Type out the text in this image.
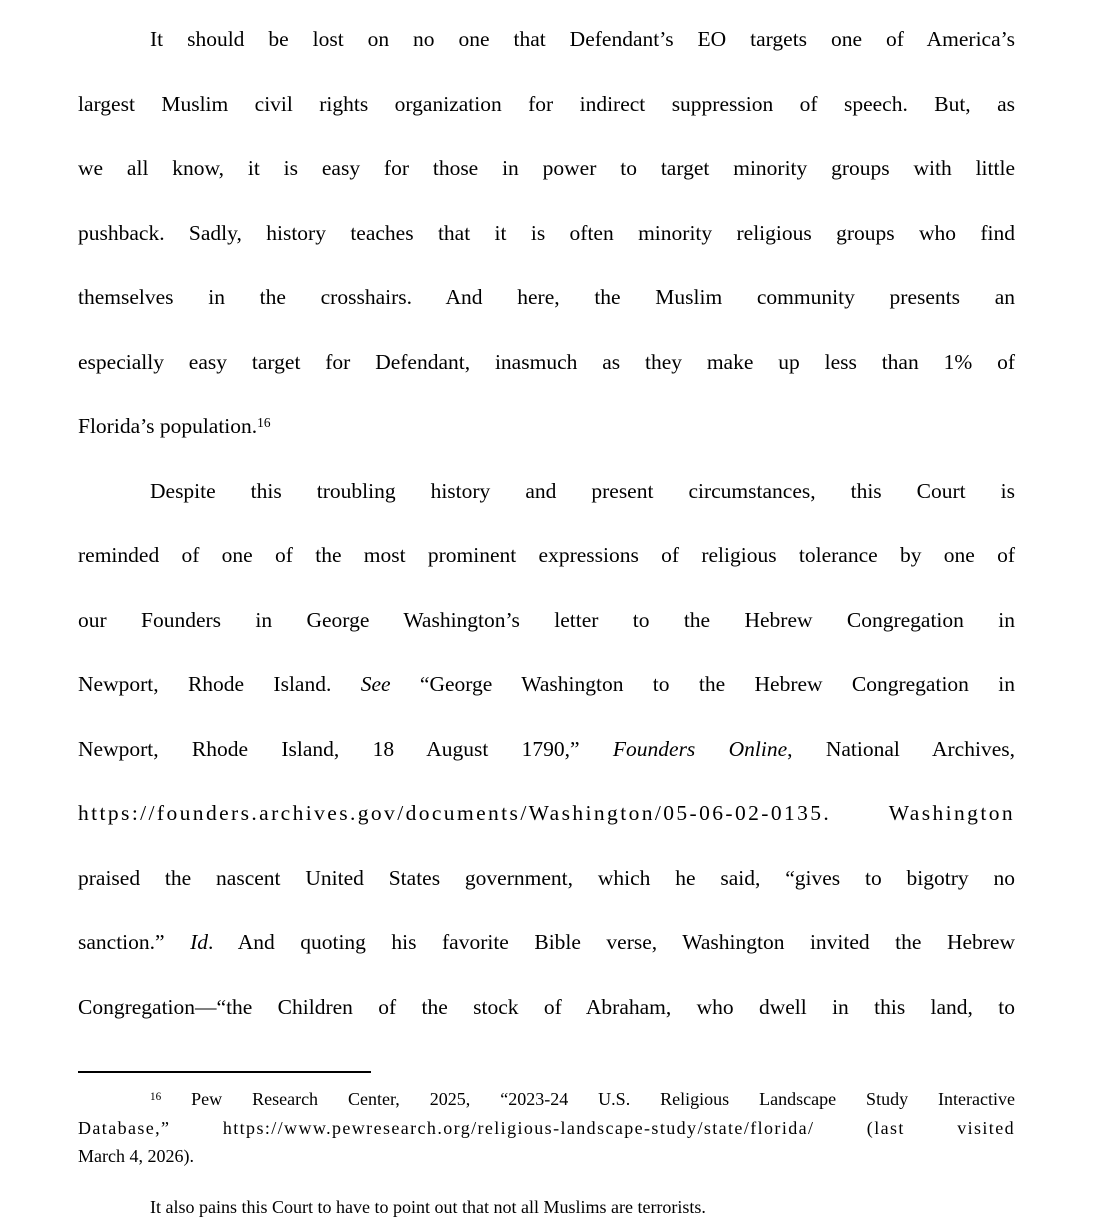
It should be lost on no one that Defendant’s EO targets one of America’s
largest Muslim civil rights organization for indirect suppression of speech. But, as
we all know, it is easy for those in power to target minority groups with little
pushback. Sadly, history teaches that it is often minority religious groups who find
themselves in the crosshairs. And here, the Muslim community presents an
especially easy target for Defendant, inasmuch as they make up less than 1% of
Florida’s population.$^{16}$
Despite this troubling history and present circumstances, this Court is
reminded of one of the most prominent expressions of religious tolerance by one of
our Founders in George Washington’s letter to the Hebrew Congregation in
Newport, Rhode Island. See “George Washington to the Hebrew Congregation in
Newport, Rhode Island, 18 August 1790,” Founders Online, National Archives,
https://founders.archives.gov/documents/Washington/05-06-02-0135. Washington
praised the nascent United States government, which he said, “gives to bigotry no
sanction.” Id. And quoting his favorite Bible verse, Washington invited the Hebrew
Congregation—“the Children of the stock of Abraham, who dwell in this land, to
$^{16}$ Pew Research Center, 2025, “2023-24 U.S. Religious Landscape Study Interactive
Database,” https://www.pewresearch.org/religious-landscape-study/state/florida/ (last visited
March 4, 2026).
It also pains this Court to have to point out that not all Muslims are terrorists.
